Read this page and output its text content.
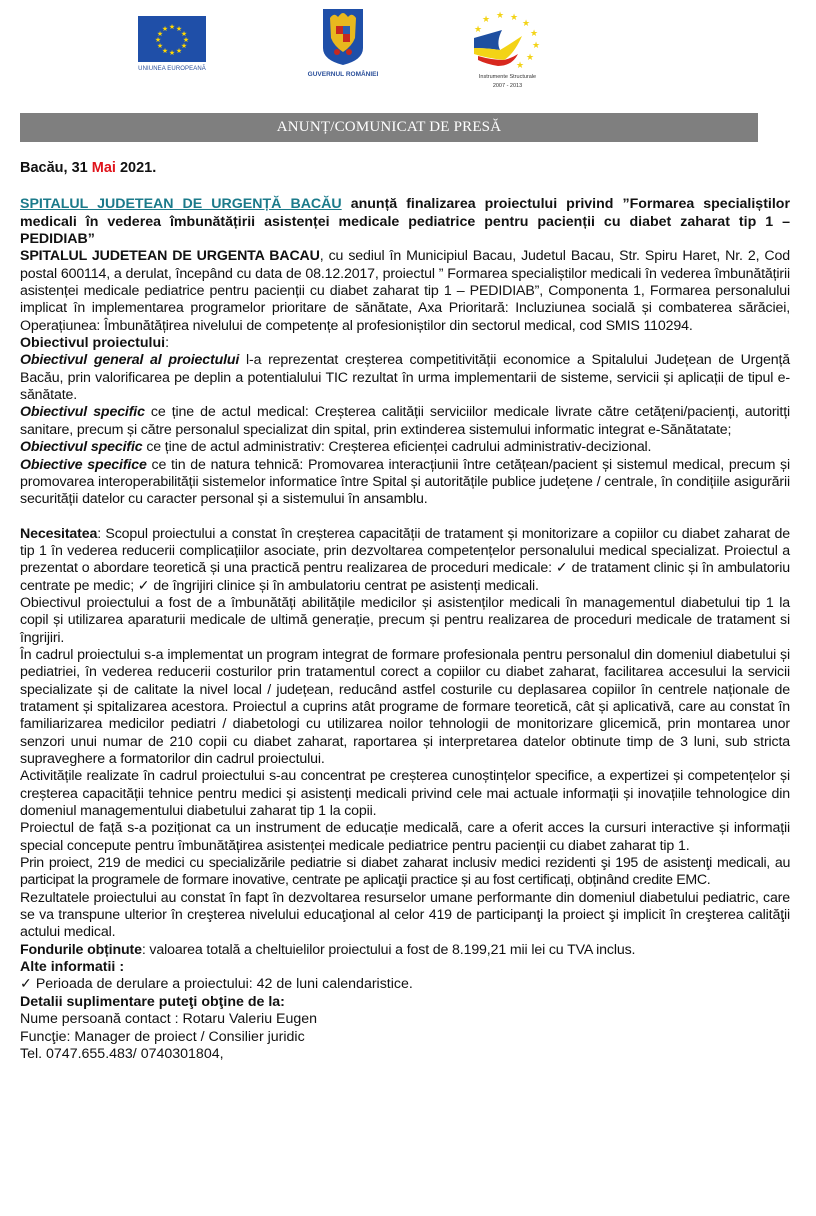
★ ★
★
★
★
★
★
★
★
★
★
★
UNIUNEA EUROPEANĂ
GUVERNUL ROMÂNIEI
★
★ ★ ★
★
★
★
★
★
Instrumente Structurale
2007 - 2013
ANUNȚ/COMUNICAT DE PRESĂ

Bacău, 31 Mai 2021.

SPITALUL JUDETEAN DE URGENȚĂ BACĂU anunță finalizarea proiectului privind ”Formarea specialiștilor medicali în vederea îmbunătățirii asistenței medicale pediatrice pentru pacienții cu diabet zaharat tip 1 – PEDIDIAB”

SPITALUL JUDETEAN DE URGENTA BACAU, cu sediul în Municipiul Bacau, Judetul Bacau, Str. Spiru Haret, Nr. 2, Cod postal 600114, a derulat, începând cu data de 08.12.2017, proiectul ” Formarea specialiștilor medicali în vederea îmbunătățirii asistenței medicale pediatrice pentru pacienții cu diabet zaharat tip 1 – PEDIDIAB”, Componenta 1, Formarea personalului implicat în implementarea programelor prioritare de sănătate, Axa Prioritară: Incluziunea socială și combaterea sărăciei, Operațiunea: Îmbunătățirea nivelului de competențe al profesioniștilor din sectorul medical, cod SMIS 110294.

Obiectivul proiectului:

Obiectivul general al proiectului l-a reprezentat creșterea competitivității economice a Spitalului Județean de Urgență Bacău, prin valorificarea pe deplin a potentialului TIC rezultat în urma implementarii de sisteme, servicii și aplicații de tipul e-sănătate.

Obiectivul specific ce ține de actul medical: Creșterea calității serviciilor medicale livrate către cetățeni/pacienți, autoritți sanitare, precum și către personalul specializat din spital, prin extinderea sistemului informatic integrat e-Sănătatate;

Obiectivul specific ce ține de actul administrativ: Creșterea eficienței cadrului administrativ-decizional.

Obiective specifice ce tin de natura tehnică: Promovarea interacțiunii între cetățean/pacient și sistemul medical, precum și promovarea interoperabilității sistemelor informatice între Spital și autoritățile publice județene / centrale, în condițiile asigurării securității datelor cu caracter personal și a sistemului în ansamblu.

Necesitatea: Scopul proiectului a constat în creșterea capacității de tratament și monitorizare a copiilor cu diabet zaharat de tip 1 în vederea reducerii complicațiilor asociate, prin dezvoltarea competențelor personalului medical specializat. Proiectul a prezentat o abordare teoretică și una practică pentru realizarea de proceduri medicale: ✓ de tratament clinic și în ambulatoriu centrate pe medic; ✓ de îngrijiri clinice și în ambulatoriu centrat pe asistenți medicali.

Obiectivul proiectului a fost de a îmbunătăți abilitățile medicilor și asistenților medicali în managementul diabetului tip 1 la copil și utilizarea aparaturii medicale de ultimă generație, precum și pentru realizarea de proceduri medicale de tratament si îngrijiri.

În cadrul proiectului s-a implementat un program integrat de formare profesionala pentru personalul din domeniul diabetului și pediatriei, în vederea reducerii costurilor prin tratamentul corect a copiilor cu diabet zaharat, facilitarea accesului la servicii specializate și de calitate la nivel local / județean, reducând astfel costurile cu deplasarea copiilor în centrele naționale de tratament și spitalizarea acestora. Proiectul a cuprins atât programe de formare teoretică, cât și aplicativă, care au constat în familiarizarea medicilor pediatri / diabetologi cu utilizarea noilor tehnologii de monitorizare glicemică, prin montarea unor senzori unui numar de 210 copii cu diabet zaharat, raportarea și interpretarea datelor obtinute timp de 3 luni, sub stricta supraveghere a formatorilor din cadrul proiectului.

Activitățile realizate în cadrul proiectului s-au concentrat pe creșterea cunoștințelor specifice, a expertizei și competențelor și creșterea capacității tehnice pentru medici și asistenți medicali privind cele mai actuale informații și inovațiile tehnologice din domeniul managementului diabetului zaharat tip 1 la copii.

Proiectul de față s-a poziționat ca un instrument de educație medicală, care a oferit acces la cursuri interactive și informații special concepute pentru îmbunătățirea asistenței medicale pediatrice pentru pacienții cu diabet zaharat tip 1.

Prin proiect, 219 de medici cu specializările pediatrie si diabet zaharat inclusiv medici rezidenti şi 195 de asistenţi medicali, au participat la programele de formare inovative, centrate pe aplicaţii practice și au fost certificați, obținând credite EMC.

Rezultatele proiectului au constat în fapt în dezvoltarea resurselor umane performante din domeniul diabetului pediatric, care se va transpune ulterior în creşterea nivelului educaţional al celor 419 de participanţi la proiect şi implicit în creşterea calităţii actului medical.

Fondurile obținute: valoarea totală a cheltuielilor proiectului a fost de 8.199,21 mii lei cu TVA inclus.

Alte informatii :

✓ Perioada de derulare a proiectului: 42 de luni calendaristice.

Detalii suplimentare puteţi obţine de la:

Nume persoană contact : Rotaru Valeriu Eugen

Funcţie: Manager de proiect / Consilier juridic

Tel. 0747.655.483/ 0740301804,
